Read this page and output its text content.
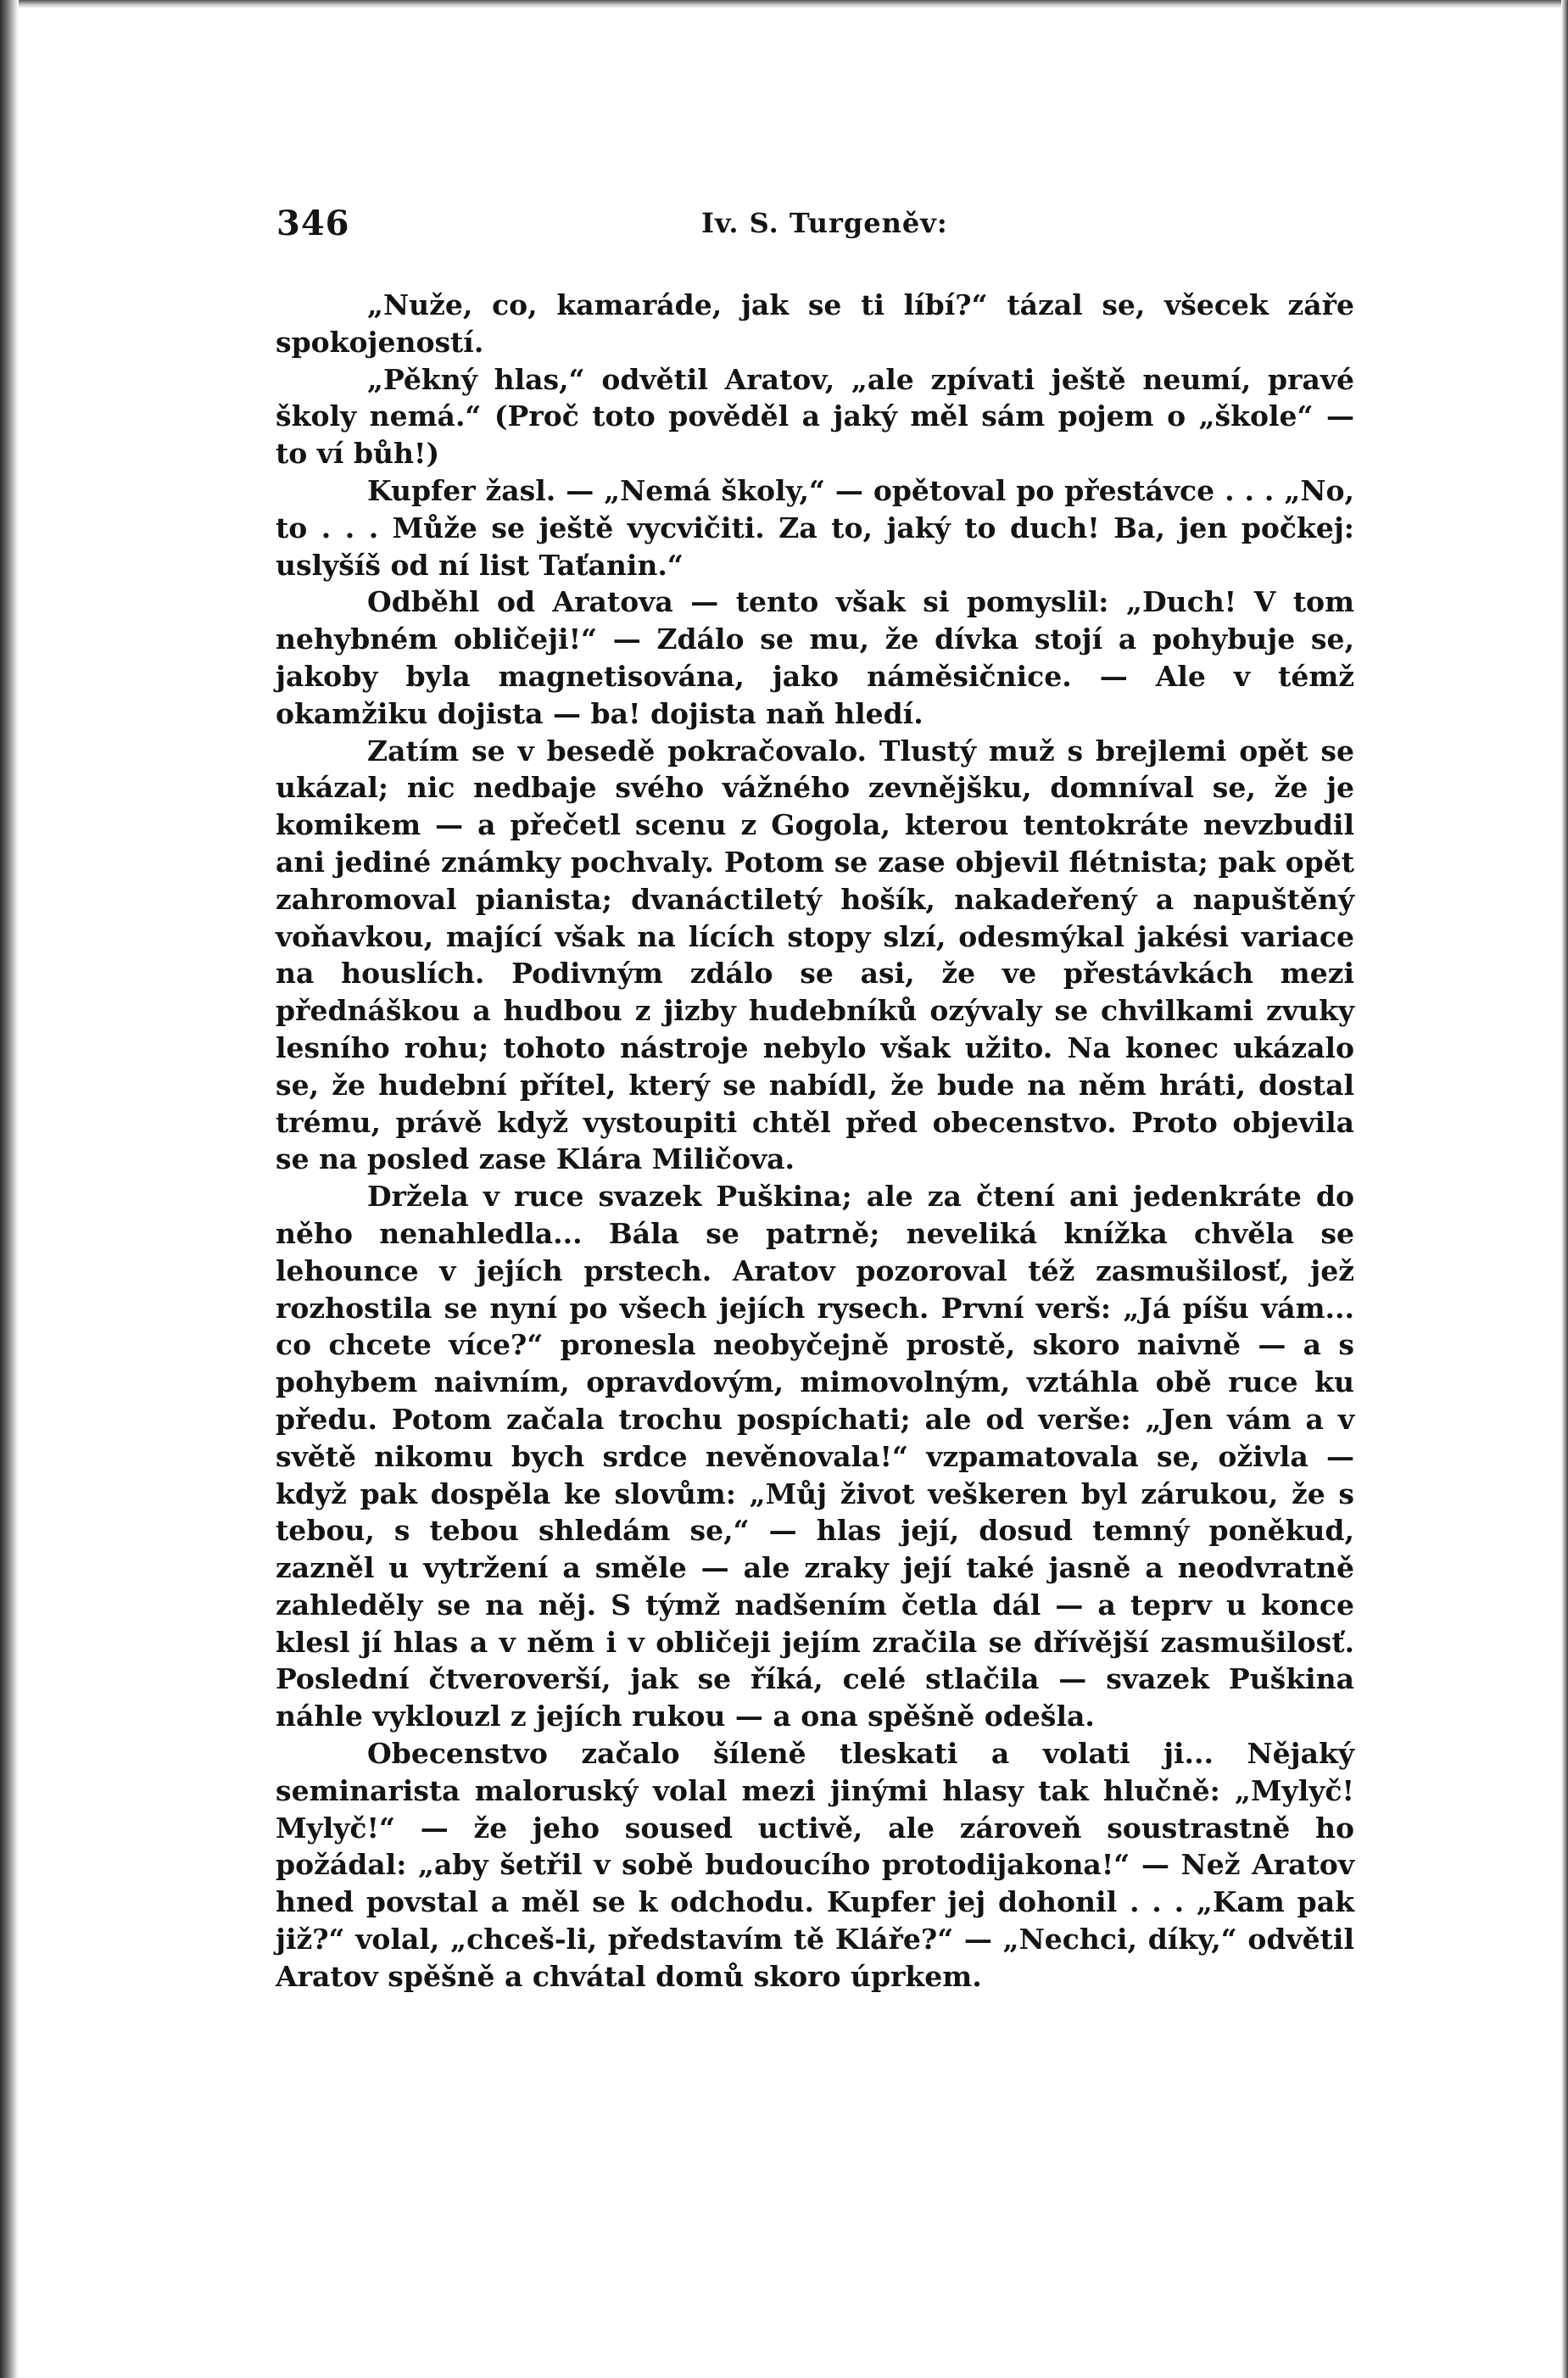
346	Iv. S. Turgeněv:

„Nuže, co, kamaráde, jak se ti líbí?“ tázal se, všecek záře spokojeností.

„Pěkný hlas,“ odvětil Aratov, „ale zpívati ještě neumí, pravé školy nemá.“ (Proč toto pověděl a jaký měl sám pojem o „škole“ — to ví bůh!)

Kupfer žasl. — „Nemá školy,“ — opětoval po přestávce . . . „No, to . . . Může se ještě vycvičiti. Za to, jaký to duch! Ba, jen počkej: uslyšíš od ní list Taťanin.“

Odběhl od Aratova — tento však si pomyslil: „Duch! V tom nehybném obličeji!“ — Zdálo se mu, že dívka stojí a pohybuje se, jakoby byla magnetisována, jako náměsičnice. — Ale v témž okamžiku dojista — ba! dojista naň hledí.

Zatím se v besedě pokračovalo. Tlustý muž s brejlemi opět se ukázal; nic nedbaje svého vážného zevnějšku, domníval se, že je komikem — a přečetl scenu z Gogola, kterou tentokráte nevzbudil ani jediné známky pochvaly. Potom se zase objevil flétnista; pak opět zahromoval pianista; dvanáctiletý hošík, nakadeřený a napuštěný voňavkou, mající však na lících stopy slzí, odesmýkal jakési variace na houslích. Podivným zdálo se asi, že ve přestávkách mezi přednáškou a hudbou z jizby hudebníků ozývaly se chvilkami zvuky lesního rohu; tohoto nástroje nebylo však užito. Na konec ukázalo se, že hudební přítel, který se nabídl, že bude na něm hráti, dostal trému, právě když vystoupiti chtěl před obecenstvo. Proto objevila se na posled zase Klára Miličova.

Držela v ruce svazek Puškina; ale za čtení ani jedenkráte do něho nenahledla... Bála se patrně; neveliká knížka chvěla se lehounce v jejích prstech. Aratov pozoroval též zasmušilosť, jež rozhostila se nyní po všech jejích rysech. První verš: „Já píšu vám... co chcete více?“ pronesla neobyčejně prostě, skoro naivně — a s pohybem naivním, opravdovým, mimovolným, vztáhla obě ruce ku předu. Potom začala trochu pospíchati; ale od verše: „Jen vám a v světě nikomu bych srdce nevěnovala!“ vzpamatovala se, oživla — když pak dospěla ke slovům: „Můj život veškeren byl zárukou, že s tebou, s tebou shledám se,“ — hlas její, dosud temný poněkud, zazněl u vytržení a směle — ale zraky její také jasně a neodvratně zahleděly se na něj. S týmž nadšením četla dál — a teprv u konce klesl jí hlas a v něm i v obličeji jejím zračila se dřívější zasmušilosť. Poslední čtveroverší, jak se říká, celé stlačila — svazek Puškina náhle vyklouzl z jejích rukou — a ona spěšně odešla.

Obecenstvo začalo šíleně tleskati a volati ji... Nějaký seminarista maloruský volal mezi jinými hlasy tak hlučně: „Mylyč! Mylyč!“ — že jeho soused uctivě, ale zároveň soustrastně ho požádal: „aby šetřil v sobě budoucího protodijakona!“ — Než Aratov hned povstal a měl se k odchodu. Kupfer jej dohonil . . . „Kam pak již?“ volal, „chceš-li, představím tě Kláře?“ — „Nechci, díky,“ odvětil Aratov spěšně a chvátal domů skoro úprkem.
